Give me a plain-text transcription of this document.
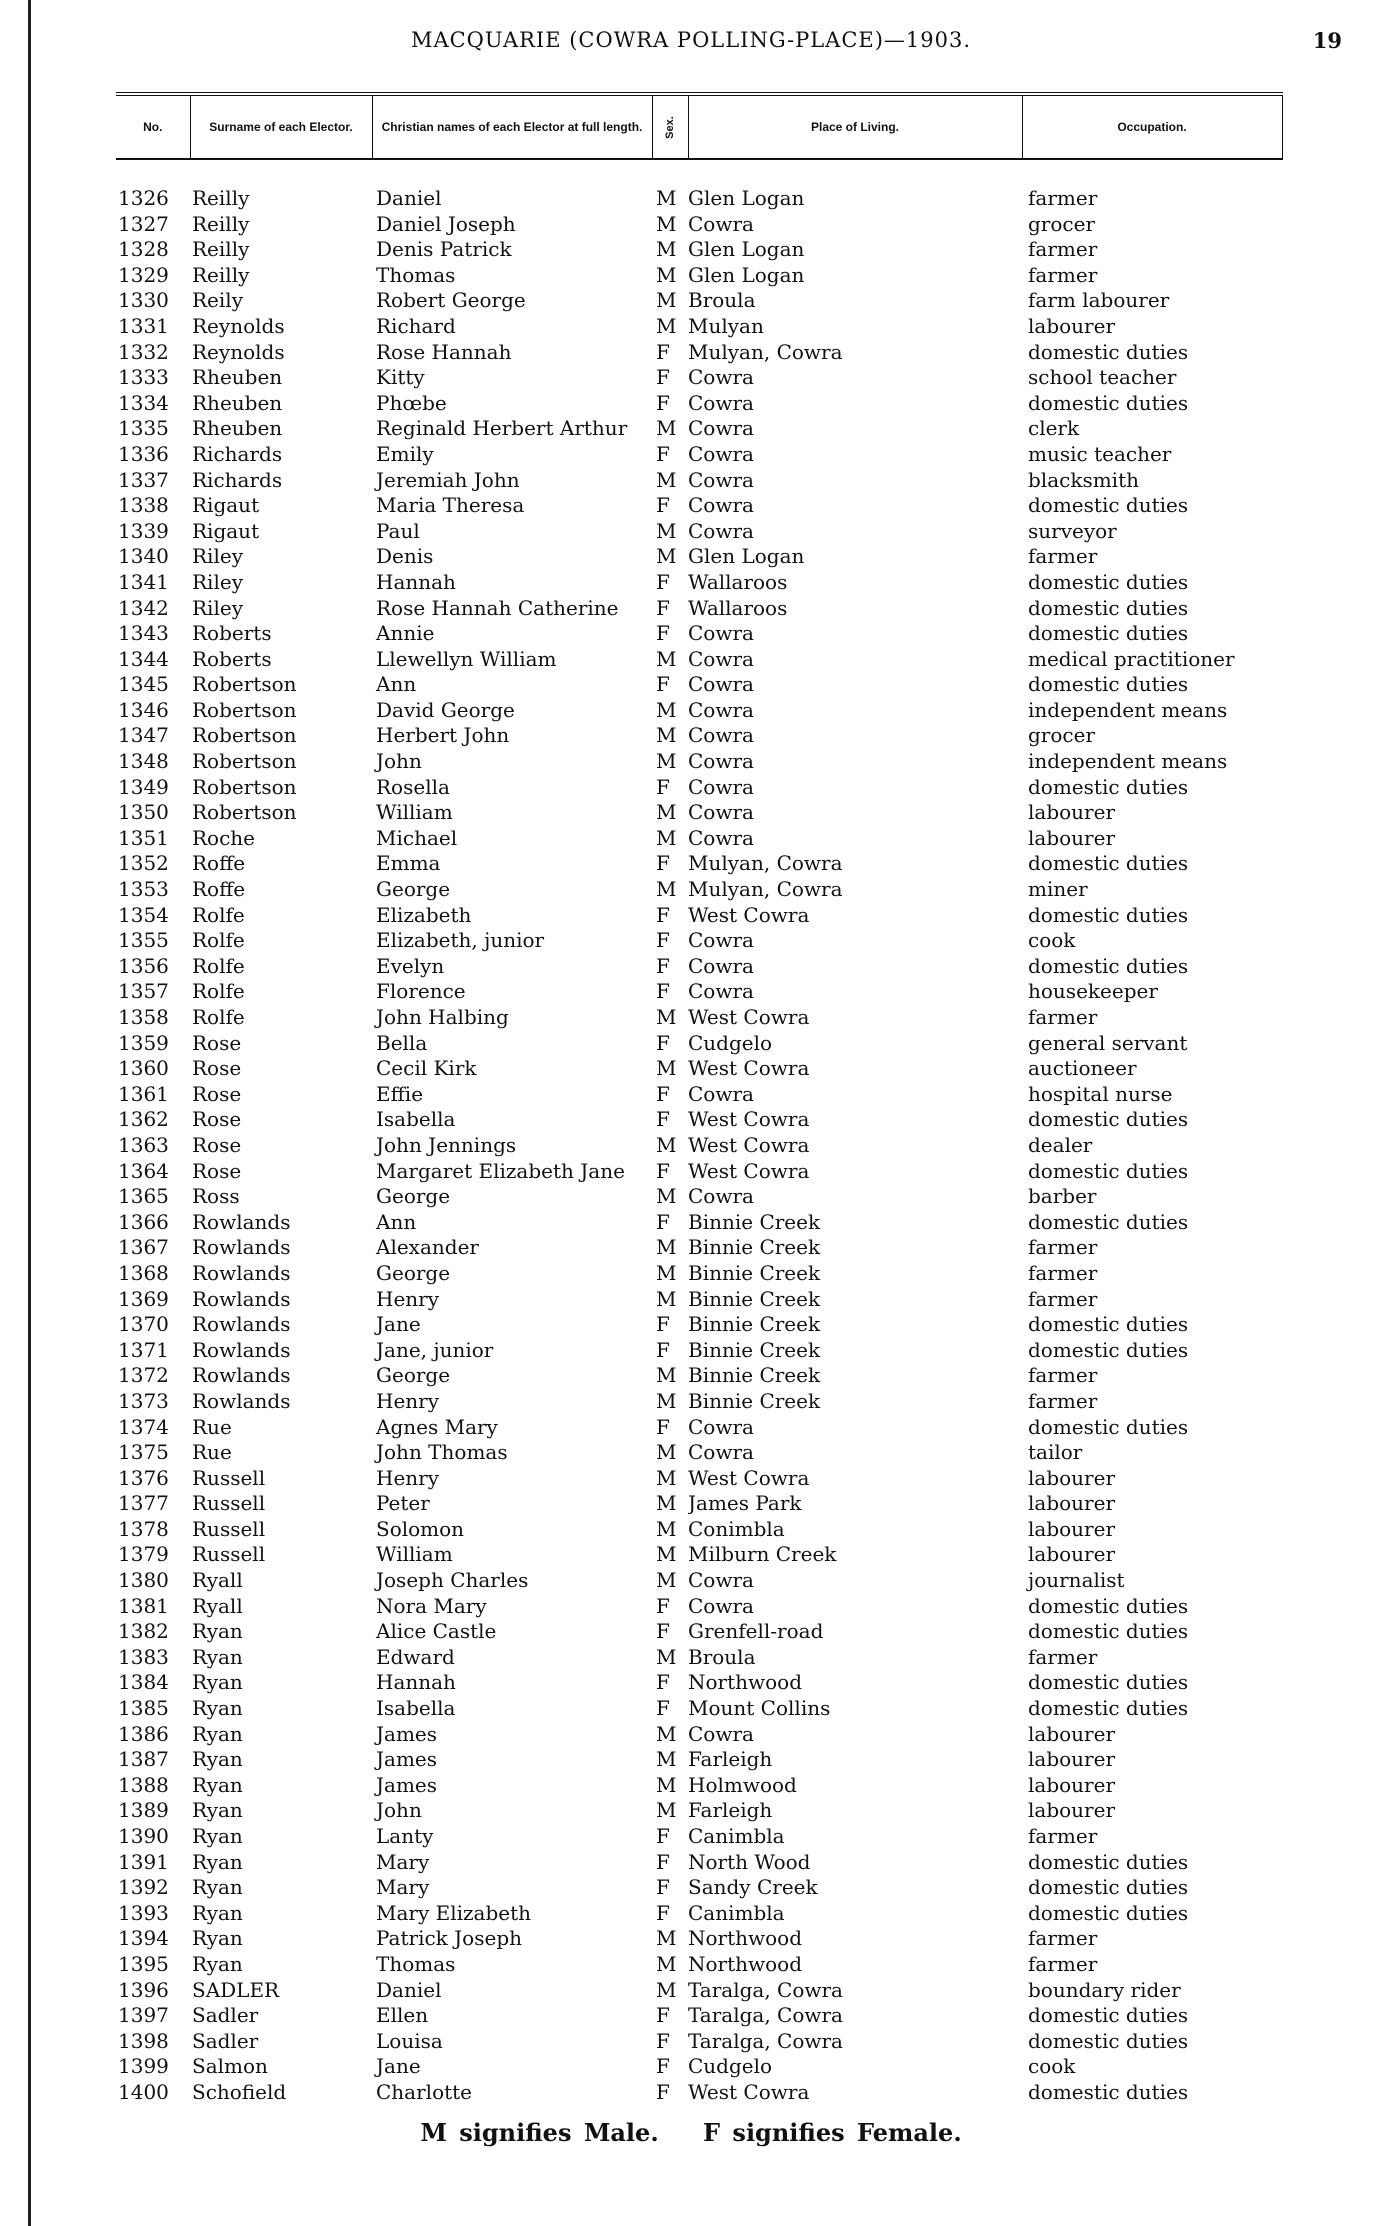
MACQUARIE (COWRA POLLING-PLACE)—1903.	19
No.	Surname of each Elector.	Christian names of each Elector at full length.	Sex.	Place of Living.	Occupation.

1326	Reilly	Daniel	M	Glen Logan	farmer
1327	Reilly	Daniel Joseph	M	Cowra	grocer
1328	Reilly	Denis Patrick	M	Glen Logan	farmer
1329	Reilly	Thomas	M	Glen Logan	farmer
1330	Reily	Robert George	M	Broula	farm labourer
1331	Reynolds	Richard	M	Mulyan	labourer
1332	Reynolds	Rose Hannah	F	Mulyan, Cowra	domestic duties
1333	Rheuben	Kitty	F	Cowra	school teacher
1334	Rheuben	Phœbe	F	Cowra	domestic duties
1335	Rheuben	Reginald Herbert Arthur	M	Cowra	clerk
1336	Richards	Emily	F	Cowra	music teacher
1337	Richards	Jeremiah John	M	Cowra	blacksmith
1338	Rigaut	Maria Theresa	F	Cowra	domestic duties
1339	Rigaut	Paul	M	Cowra	surveyor
1340	Riley	Denis	M	Glen Logan	farmer
1341	Riley	Hannah	F	Wallaroos	domestic duties
1342	Riley	Rose Hannah Catherine	F	Wallaroos	domestic duties
1343	Roberts	Annie	F	Cowra	domestic duties
1344	Roberts	Llewellyn William	M	Cowra	medical practitioner
1345	Robertson	Ann	F	Cowra	domestic duties
1346	Robertson	David George	M	Cowra	independent means
1347	Robertson	Herbert John	M	Cowra	grocer
1348	Robertson	John	M	Cowra	independent means
1349	Robertson	Rosella	F	Cowra	domestic duties
1350	Robertson	William	M	Cowra	labourer
1351	Roche	Michael	M	Cowra	labourer
1352	Roffe	Emma	F	Mulyan, Cowra	domestic duties
1353	Roffe	George	M	Mulyan, Cowra	miner
1354	Rolfe	Elizabeth	F	West Cowra	domestic duties
1355	Rolfe	Elizabeth, junior	F	Cowra	cook
1356	Rolfe	Evelyn	F	Cowra	domestic duties
1357	Rolfe	Florence	F	Cowra	housekeeper
1358	Rolfe	John Halbing	M	West Cowra	farmer
1359	Rose	Bella	F	Cudgelo	general servant
1360	Rose	Cecil Kirk	M	West Cowra	auctioneer
1361	Rose	Effie	F	Cowra	hospital nurse
1362	Rose	Isabella	F	West Cowra	domestic duties
1363	Rose	John Jennings	M	West Cowra	dealer
1364	Rose	Margaret Elizabeth Jane	F	West Cowra	domestic duties
1365	Ross	George	M	Cowra	barber
1366	Rowlands	Ann	F	Binnie Creek	domestic duties
1367	Rowlands	Alexander	M	Binnie Creek	farmer
1368	Rowlands	George	M	Binnie Creek	farmer
1369	Rowlands	Henry	M	Binnie Creek	farmer
1370	Rowlands	Jane	F	Binnie Creek	domestic duties
1371	Rowlands	Jane, junior	F	Binnie Creek	domestic duties
1372	Rowlands	George	M	Binnie Creek	farmer
1373	Rowlands	Henry	M	Binnie Creek	farmer
1374	Rue	Agnes Mary	F	Cowra	domestic duties
1375	Rue	John Thomas	M	Cowra	tailor
1376	Russell	Henry	M	West Cowra	labourer
1377	Russell	Peter	M	James Park	labourer
1378	Russell	Solomon	M	Conimbla	labourer
1379	Russell	William	M	Milburn Creek	labourer
1380	Ryall	Joseph Charles	M	Cowra	journalist
1381	Ryall	Nora Mary	F	Cowra	domestic duties
1382	Ryan	Alice Castle	F	Grenfell-road	domestic duties
1383	Ryan	Edward	M	Broula	farmer
1384	Ryan	Hannah	F	Northwood	domestic duties
1385	Ryan	Isabella	F	Mount Collins	domestic duties
1386	Ryan	James	M	Cowra	labourer
1387	Ryan	James	M	Farleigh	labourer
1388	Ryan	James	M	Holmwood	labourer
1389	Ryan	John	M	Farleigh	labourer
1390	Ryan	Lanty	F	Canimbla	farmer
1391	Ryan	Mary	F	North Wood	domestic duties
1392	Ryan	Mary	F	Sandy Creek	domestic duties
1393	Ryan	Mary Elizabeth	F	Canimbla	domestic duties
1394	Ryan	Patrick Joseph	M	Northwood	farmer
1395	Ryan	Thomas	M	Northwood	farmer
1396	SADLER	Daniel	M	Taralga, Cowra	boundary rider
1397	Sadler	Ellen	F	Taralga, Cowra	domestic duties
1398	Sadler	Louisa	F	Taralga, Cowra	domestic duties
1399	Salmon	Jane	F	Cudgelo	cook
1400	Schofield	Charlotte	F	West Cowra	domestic duties
M signifies Male. F signifies Female.
